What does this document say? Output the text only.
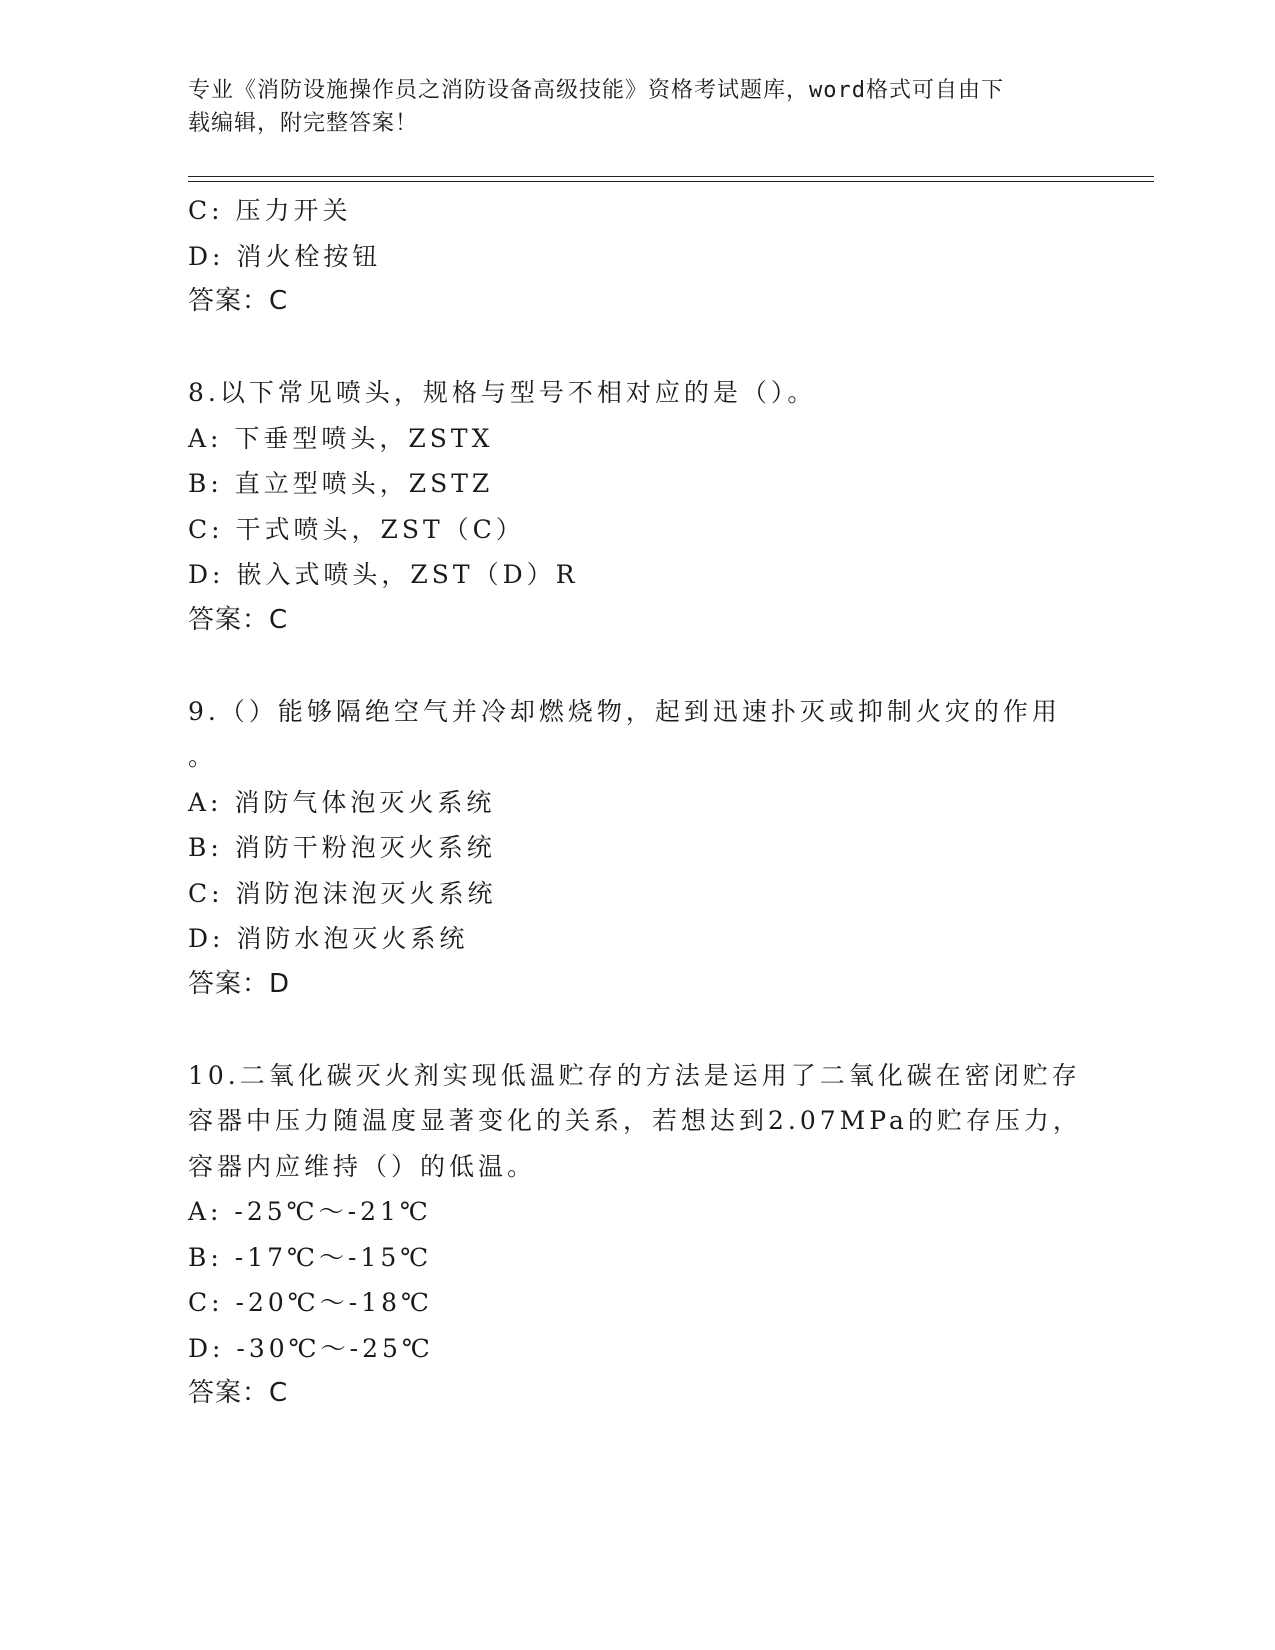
专业《消防设施操作员之消防设备高级技能》资格考试题库，word格式可自由下
载编辑，附完整答案！
C: 压力开关
D: 消火栓按钮
答案：C
8.以下常见喷头，规格与型号不相对应的是（）。
A: 下垂型喷头，ZSTX
B: 直立型喷头，ZSTZ
C: 干式喷头，ZST（C）
D: 嵌入式喷头，ZST（D）R
答案：C
9.（）能够隔绝空气并冷却燃烧物，起到迅速扑灭或抑制火灾的作用
。
A: 消防气体泡灭火系统
B: 消防干粉泡灭火系统
C: 消防泡沫泡灭火系统
D: 消防水泡灭火系统
答案：D
10.二氧化碳灭火剂实现低温贮存的方法是运用了二氧化碳在密闭贮存
容器中压力随温度显著变化的关系，若想达到2.07MPa的贮存压力，
容器内应维持（）的低温。
A: -25℃～-21℃
B: -17℃～-15℃
C: -20℃～-18℃
D: -30℃～-25℃
答案：C
